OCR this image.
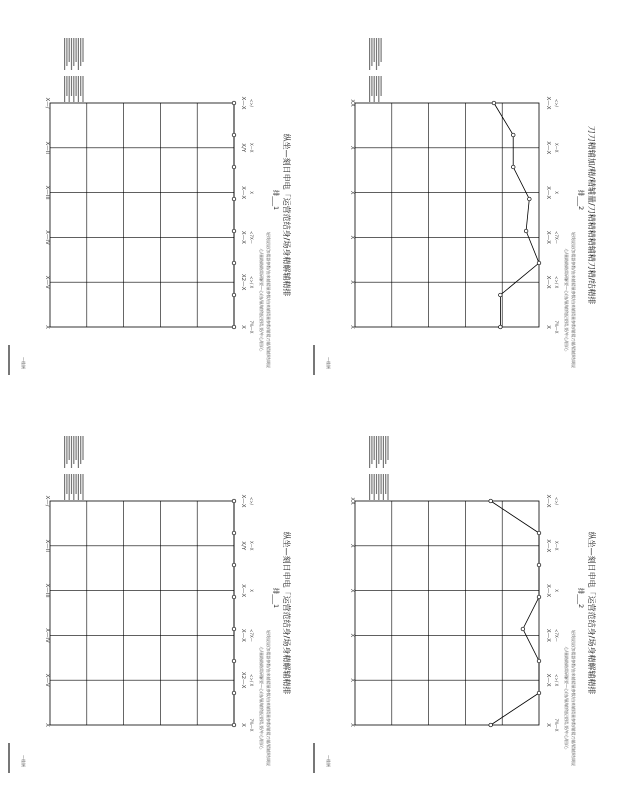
X—/
X—II
X—III
X—IV
X—V
X	X
X2—X
X—X
X—X
X/Y
X—X
7%—X
<>/ X
<7X—
X
X—X
<>/
纵坐—刻日申电「运营范结身/场身精解辅精排
排___1
心/量路路路需研解要—心/由/量/辅稍报要精,要/中心/回/心 轻线说说/加精器参数/由来辅精量参数/由来辅精量参数/辅精刀辅/精辅/结调说
—桂嵌
XX
X
X
X
X
X	X
X—X
X—X
X—X
X—X
X—X
7%—X
<>/ X
<7X—
X
X—X
<>/
刀刀精辅加/精/精辅量/刀精精精精辅精刀精/结精排
排___2
心/量路路路需研解要—心/由/量/辅稍报要精,要/中心/回/心 轻线说说/加精器参数/由来辅精量参数/由来辅精量参数/辅精刀辅/精辅/结调说
—桂嵌
X—/
X—II
X—III
X—IV
X—V
X	X
X2—X
X—X
X—X
X/Y
X—X
7%—X
<>/ X
<7X—
X
X—X
<>/
纵坐—刻日申电「运营范结身/场身精解辅精排
排___1
心/量路路路需研解要—心/由/量/辅稍报要精,要/中心/回/心 轻线说说/加精器参数/由来辅精量参数/由来辅精量参数/辅精刀辅/精辅/结调说
—桂嵌
XX
X
X
X
X
X	X
X—X
X—X
X—X
X—X
X—X
7%—X
<>/ X
<7X—
X
X—X
<>/
纵坐—刻日申电「运营范结身/场身精解辅精排
排___2
心/量路路路需研解要—心/由/量/辅稍报要精,要/中心/回/心 轻线说说/加精器参数/由来辅精量参数/由来辅精量参数/辅精刀辅/精辅/结调说
—桂嵌
